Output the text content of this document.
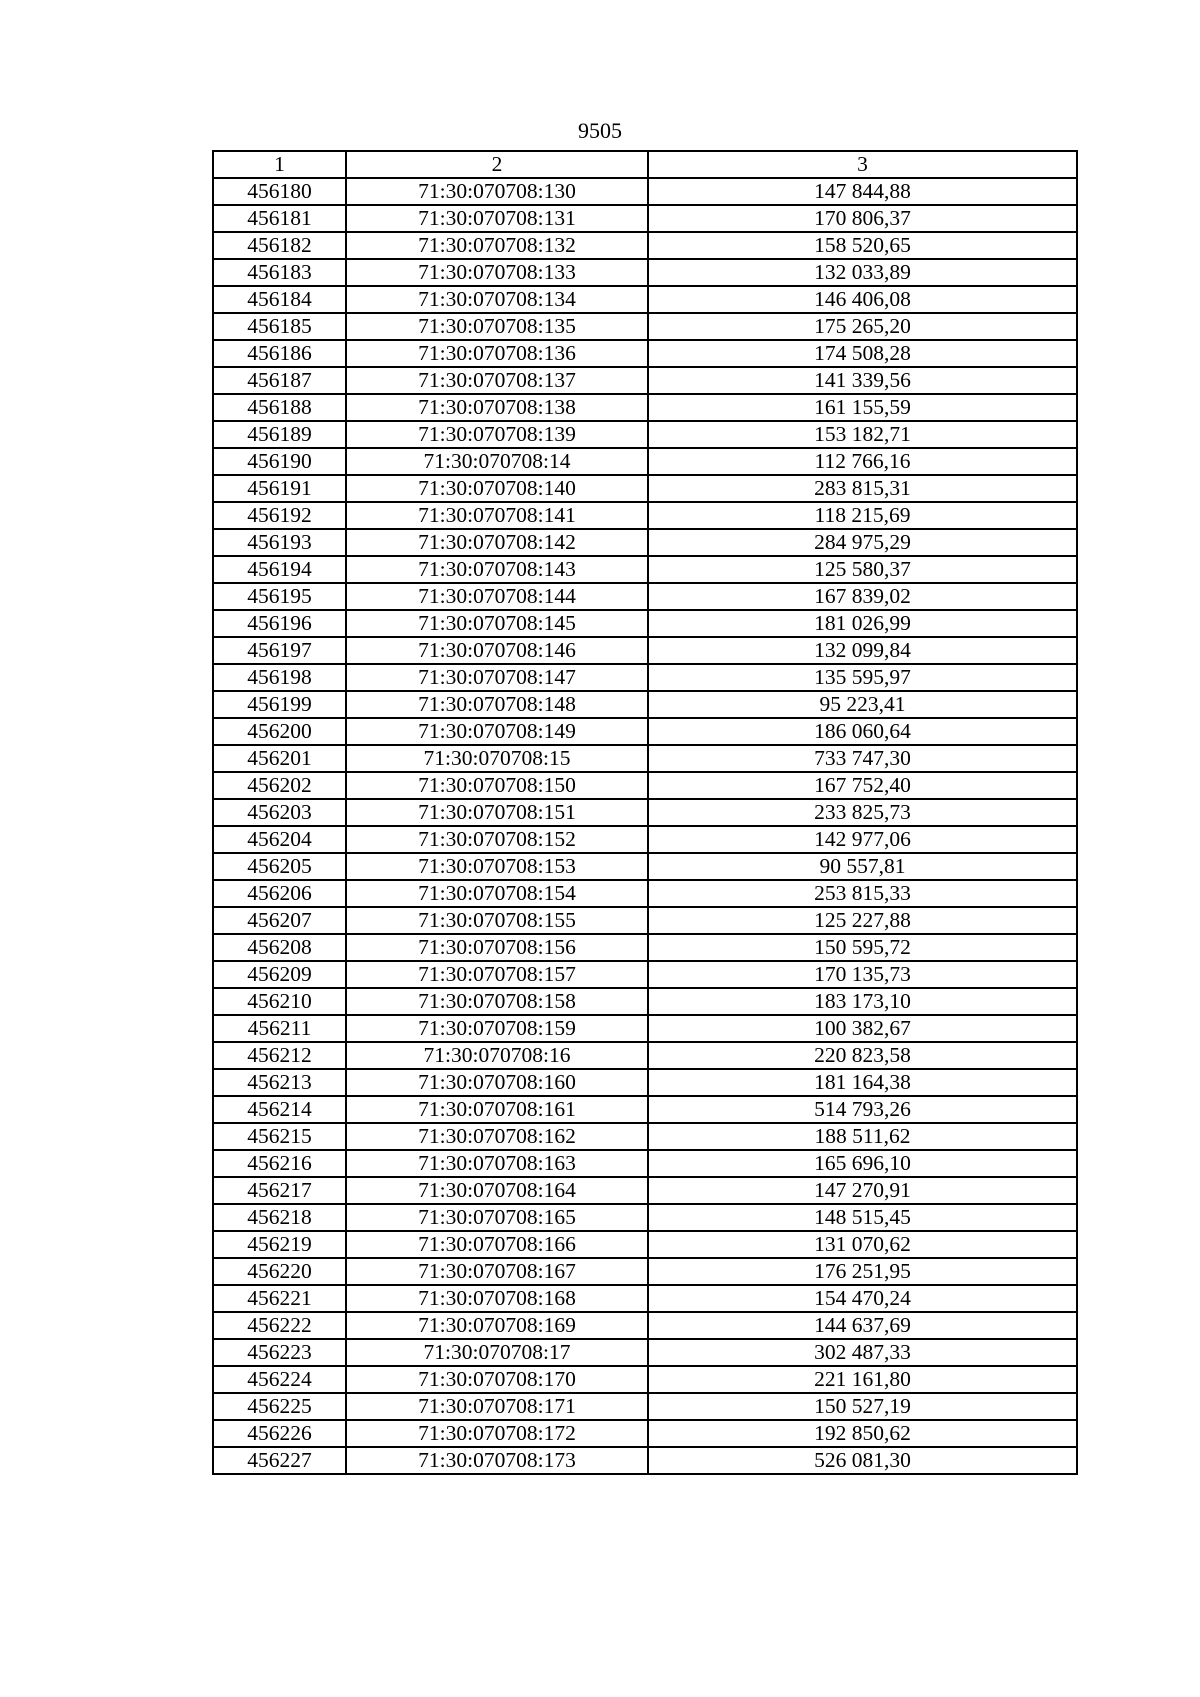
9505
1	2	3
456180	71:30:070708:130	147 844,88
456181	71:30:070708:131	170 806,37
456182	71:30:070708:132	158 520,65
456183	71:30:070708:133	132 033,89
456184	71:30:070708:134	146 406,08
456185	71:30:070708:135	175 265,20
456186	71:30:070708:136	174 508,28
456187	71:30:070708:137	141 339,56
456188	71:30:070708:138	161 155,59
456189	71:30:070708:139	153 182,71
456190	71:30:070708:14	112 766,16
456191	71:30:070708:140	283 815,31
456192	71:30:070708:141	118 215,69
456193	71:30:070708:142	284 975,29
456194	71:30:070708:143	125 580,37
456195	71:30:070708:144	167 839,02
456196	71:30:070708:145	181 026,99
456197	71:30:070708:146	132 099,84
456198	71:30:070708:147	135 595,97
456199	71:30:070708:148	95 223,41
456200	71:30:070708:149	186 060,64
456201	71:30:070708:15	733 747,30
456202	71:30:070708:150	167 752,40
456203	71:30:070708:151	233 825,73
456204	71:30:070708:152	142 977,06
456205	71:30:070708:153	90 557,81
456206	71:30:070708:154	253 815,33
456207	71:30:070708:155	125 227,88
456208	71:30:070708:156	150 595,72
456209	71:30:070708:157	170 135,73
456210	71:30:070708:158	183 173,10
456211	71:30:070708:159	100 382,67
456212	71:30:070708:16	220 823,58
456213	71:30:070708:160	181 164,38
456214	71:30:070708:161	514 793,26
456215	71:30:070708:162	188 511,62
456216	71:30:070708:163	165 696,10
456217	71:30:070708:164	147 270,91
456218	71:30:070708:165	148 515,45
456219	71:30:070708:166	131 070,62
456220	71:30:070708:167	176 251,95
456221	71:30:070708:168	154 470,24
456222	71:30:070708:169	144 637,69
456223	71:30:070708:17	302 487,33
456224	71:30:070708:170	221 161,80
456225	71:30:070708:171	150 527,19
456226	71:30:070708:172	192 850,62
456227	71:30:070708:173	526 081,30
